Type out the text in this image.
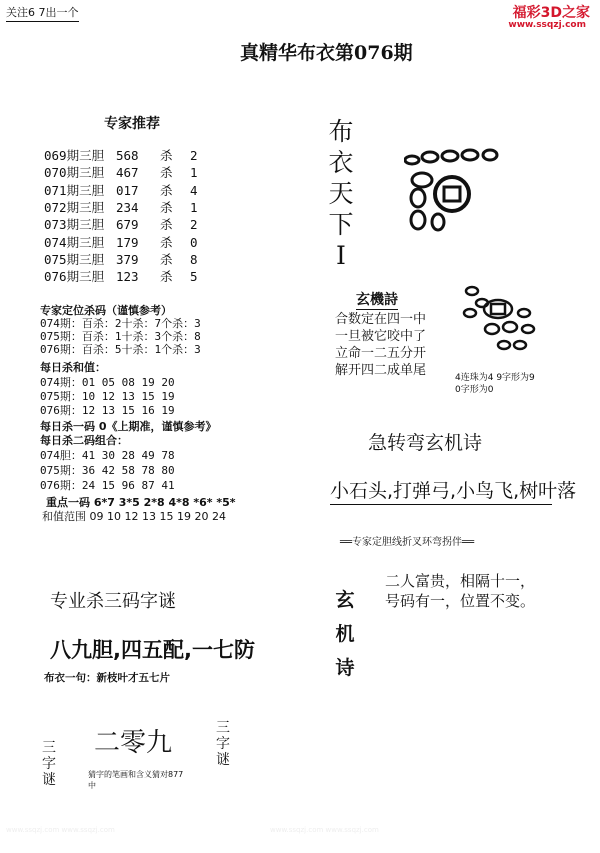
关注6 7出一个	福彩3D之家
www.ssqzj.com
真精华布衣第076期
专家推荐
069期三胆 568 杀 2
070期三胆 467 杀 1
071期三胆 017 杀 4
072期三胆 234 杀 1
073期三胆 679 杀 2
074期三胆 179 杀 0
075期三胆 379 杀 8
076期三胆 123 杀 5
专家定位杀码（谨慎参考）
074期：百杀：2十杀：7个杀：3
075期：百杀：1十杀：3个杀：8
076期：百杀：5十杀：1个杀：3
每日杀和值：
074期：01 05 08 19 20
075期：10 12 13 15 19
076期：12 13 15 16 19
每日杀一码 0《上期准，谨慎参考》
每日杀二码组合：
074胆：41 30 28 49 78
075期：36 42 58 78 80
076期：24 15 96 87 41
重点一码 6*7 3*5 2*8 4*8 *6* *5*
和值范围 09 10 12 13 15 19 20 24
专业杀三码字谜
八九胆,四五配,一七防
布衣一句：新枝叶才五七片
三字谜
二零九	三字谜
猜字的笔画和含义猜对877中
布衣天下I
玄機詩
合数定在四一中
一旦被它咬中了
立命一二五分开
解开四二成单尾	4连珠为4 9字形为9
0字形为0
急转弯玄机诗
小石头,打弹弓,小鸟飞,树叶落
══专家定胆线折叉环弯拐伴══
玄机诗
二人富贵，相隔十一，
号码有一，位置不变。
www.ssqzj.com www.ssqzj.com	www.ssqzj.com www.ssqzj.com
